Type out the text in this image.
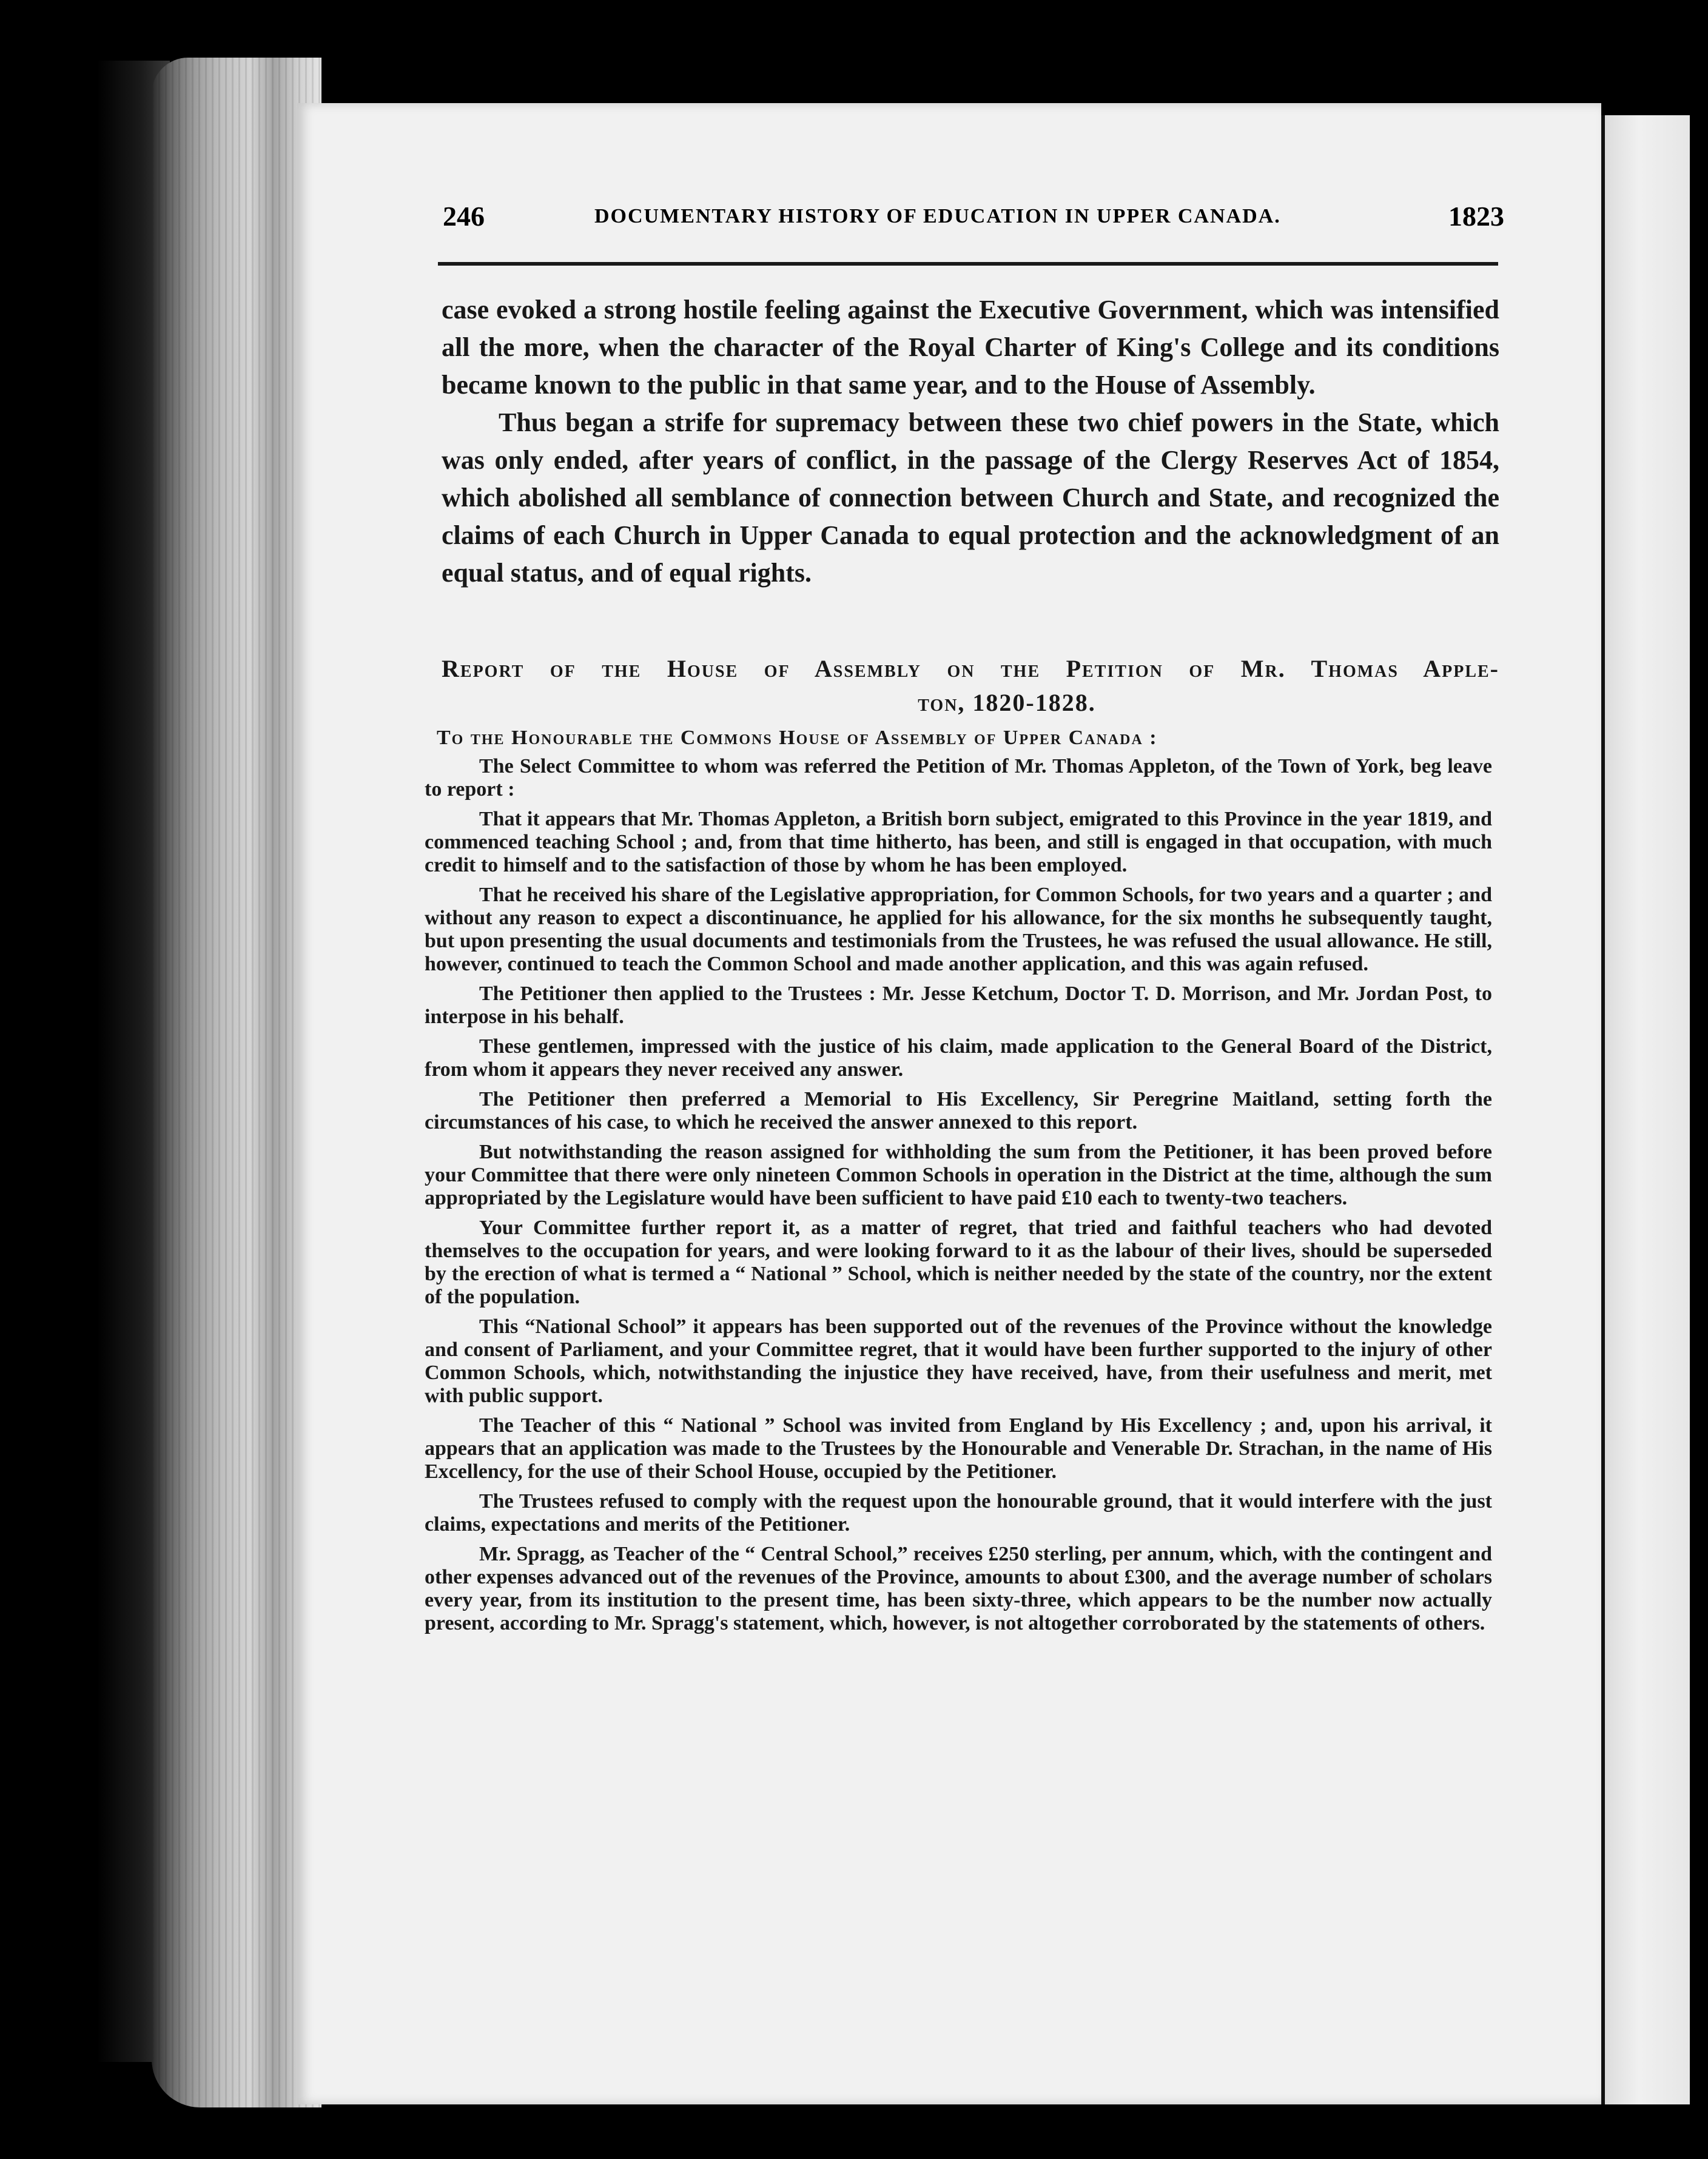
246	DOCUMENTARY HISTORY OF EDUCATION IN UPPER CANADA.	1823

case evoked a strong hostile feeling against the Executive Government, which was intensified all the more, when the character of the Royal Charter of King's College and its conditions became known to the public in that same year, and to the House of Assembly.

Thus began a strife for supremacy between these two chief powers in the State, which was only ended, after years of conflict, in the passage of the Clergy Reserves Act of 1854, which abolished all semblance of connection between Church and State, and recognized the claims of each Church in Upper Canada to equal protection and the acknowledgment of an equal status, and of equal rights.

Report of the House of Assembly on the Petition of Mr. Thomas Apple-
ton, 1820-1828.
To the Honourable the Commons House of Assembly of Upper Canada :

The Select Committee to whom was referred the Petition of Mr. Thomas Appleton, of the Town of York, beg leave to report :

That it appears that Mr. Thomas Appleton, a British born subject, emigrated to this Province in the year 1819, and commenced teaching School ; and, from that time hitherto, has been, and still is engaged in that occupation, with much credit to himself and to the satisfaction of those by whom he has been employed.

That he received his share of the Legislative appropriation, for Common Schools, for two years and a quarter ; and without any reason to expect a discontinuance, he applied for his allowance, for the six months he subsequently taught, but upon presenting the usual documents and testimonials from the Trustees, he was refused the usual allowance. He still, however, continued to teach the Common School and made another application, and this was again refused.

The Petitioner then applied to the Trustees : Mr. Jesse Ketchum, Doctor T. D. Morrison, and Mr. Jordan Post, to interpose in his behalf.

These gentlemen, impressed with the justice of his claim, made application to the General Board of the District, from whom it appears they never received any answer.

The Petitioner then preferred a Memorial to His Excellency, Sir Peregrine Maitland, setting forth the circumstances of his case, to which he received the answer annexed to this report.

But notwithstanding the reason assigned for withholding the sum from the Petitioner, it has been proved before your Committee that there were only nineteen Common Schools in operation in the District at the time, although the sum appropriated by the Legislature would have been sufficient to have paid £10 each to twenty-two teachers.

Your Committee further report it, as a matter of regret, that tried and faithful teachers who had devoted themselves to the occupation for years, and were looking forward to it as the labour of their lives, should be superseded by the erection of what is termed a “ National ” School, which is neither needed by the state of the country, nor the extent of the population.

This “National School” it appears has been supported out of the revenues of the Province without the knowledge and consent of Parliament, and your Committee regret, that it would have been further supported to the injury of other Common Schools, which, notwithstanding the injustice they have received, have, from their usefulness and merit, met with public support.

The Teacher of this “ National ” School was invited from England by His Excellency ; and, upon his arrival, it appears that an application was made to the Trustees by the Honourable and Venerable Dr. Strachan, in the name of His Excellency, for the use of their School House, occupied by the Petitioner.

The Trustees refused to comply with the request upon the honourable ground, that it would interfere with the just claims, expectations and merits of the Petitioner.

Mr. Spragg, as Teacher of the “ Central School,” receives £250 sterling, per annum, which, with the contingent and other expenses advanced out of the revenues of the Province, amounts to about £300, and the average number of scholars every year, from its institution to the present time, has been sixty-three, which appears to be the number now actually present, according to Mr. Spragg's statement, which, however, is not altogether corroborated by the statements of others.
